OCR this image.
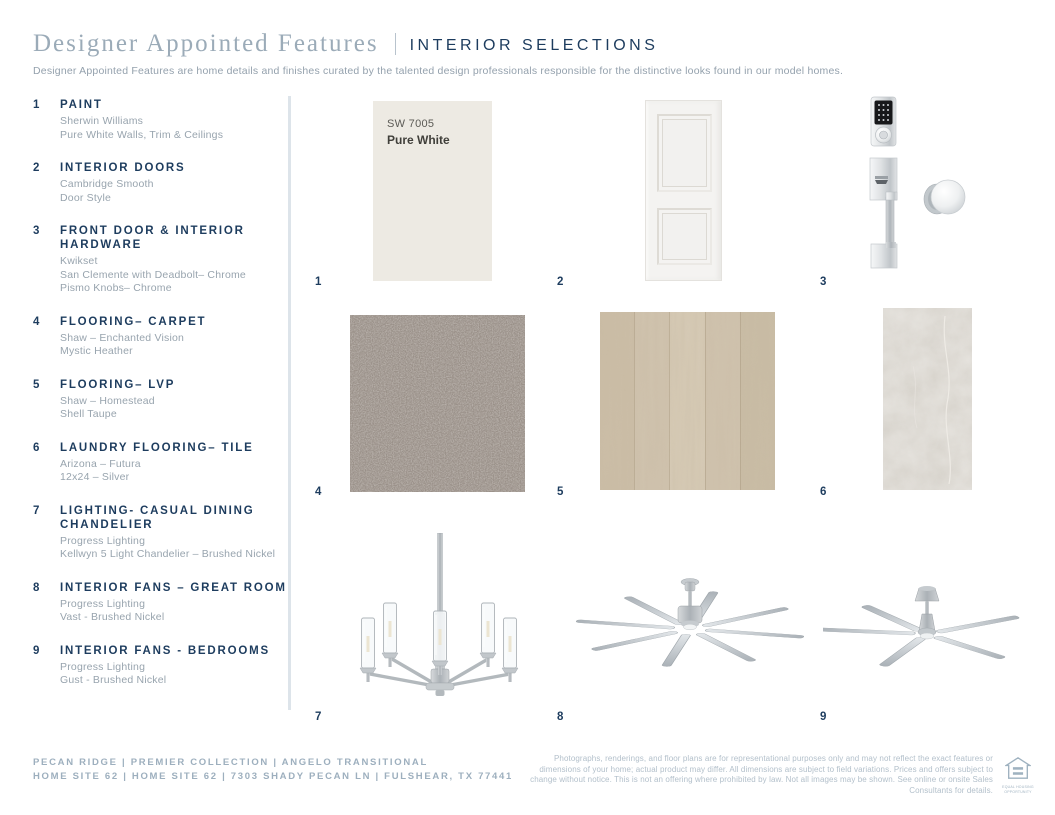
Designer Appointed Features INTERIOR SELECTIONS
Designer Appointed Features are home details and finishes curated by the talented design professionals responsible for the distinctive looks found in our model homes.
1	PAINT
Sherwin Williams
Pure White Walls, Trim & Ceilings
2	INTERIOR DOORS
Cambridge Smooth
Door Style
3	FRONT DOOR & INTERIOR HARDWARE
Kwikset
San Clemente with Deadbolt– Chrome
Pismo Knobs– Chrome
4	FLOORING– CARPET
Shaw – Enchanted Vision
Mystic Heather
5	FLOORING– LVP
Shaw – Homestead
Shell Taupe
6	LAUNDRY FLOORING– TILE
Arizona – Futura
12x24 – Silver
7	LIGHTING- CASUAL DINING CHANDELIER
Progress Lighting
Kellwyn 5 Light Chandelier – Brushed Nickel
8	INTERIOR FANS – GREAT ROOM
Progress Lighting
Vast - Brushed Nickel
9	INTERIOR FANS - BEDROOMS
Progress Lighting
Gust - Brushed Nickel
SW 7005
Pure White
1	2	3
4	5	6
7	8	9
PECAN RIDGE | PREMIER COLLECTION | ANGELO TRANSITIONAL
HOME SITE 62 | HOME SITE 62 | 7303 SHADY PECAN LN | FULSHEAR, TX 77441
Photographs, renderings, and floor plans are for representational purposes only and may not reflect the exact features or dimensions of your home; actual product may differ. All dimensions are subject to field variations. Prices and offers subject to change without notice. This is not an offering where prohibited by law. Not all images may be shown. See online or onsite Sales Consultants for details.	EQUAL HOUSING
OPPORTUNITY
